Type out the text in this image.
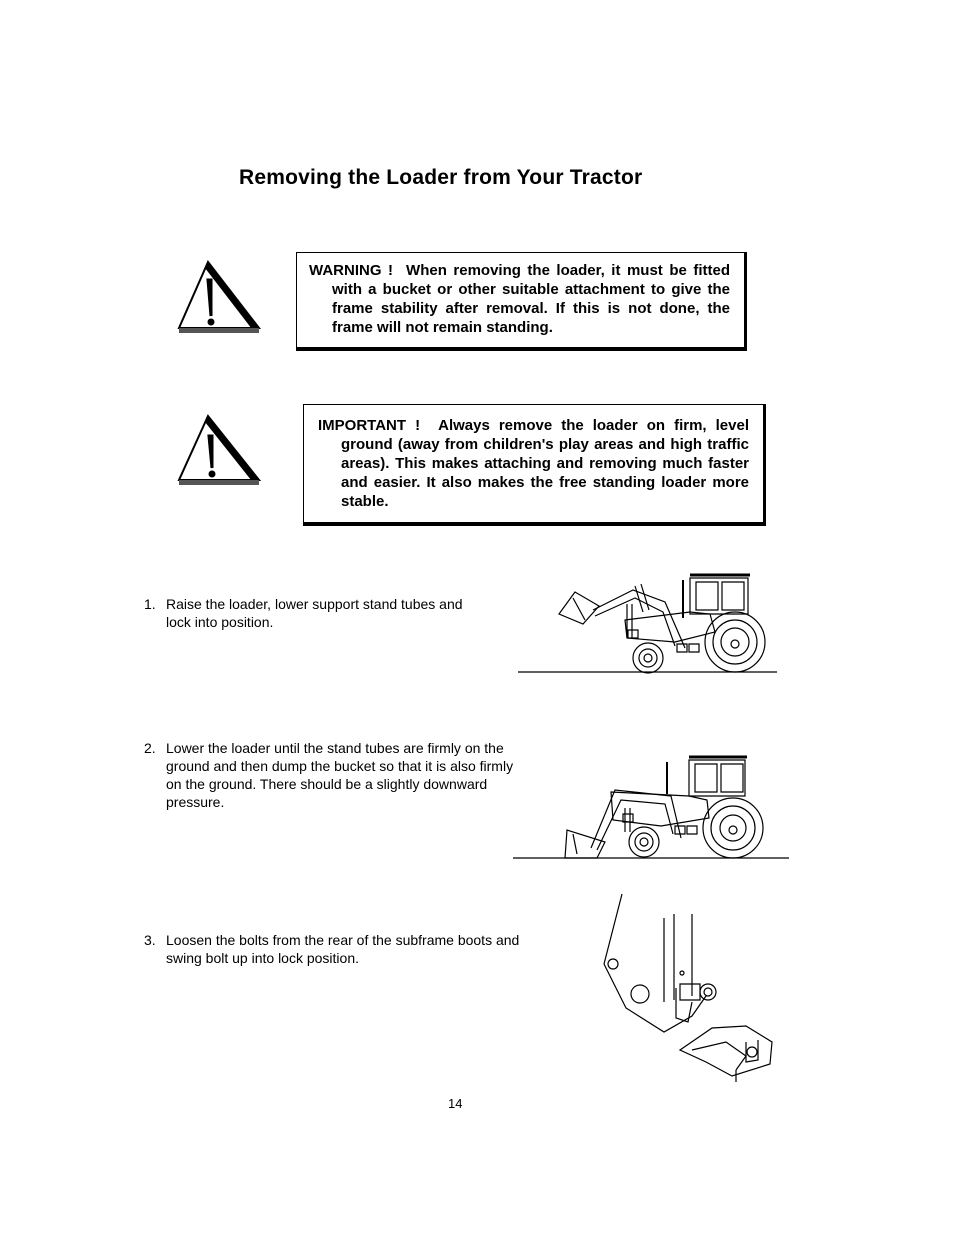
Removing the Loader from Your Tractor

WARNING ! When removing the loader, it must be fitted with a bucket or other suitable attachment to give the frame stability after removal. If this is not done, the frame will not remain standing.

IMPORTANT ! Always remove the loader on firm, level ground (away from children's play areas and high traffic areas). This makes attaching and removing much faster and easier. It also makes the free standing loader more stable.

1. Raise the loader, lower support stand tubes and
lock into position.
2. Lower the loader until the stand tubes are firmly on the
ground and then dump the bucket so that it is also firmly
on the ground. There should be a slightly downward
pressure.
3. Loosen the bolts from the rear of the subframe boots and
swing bolt up into lock position.
14
